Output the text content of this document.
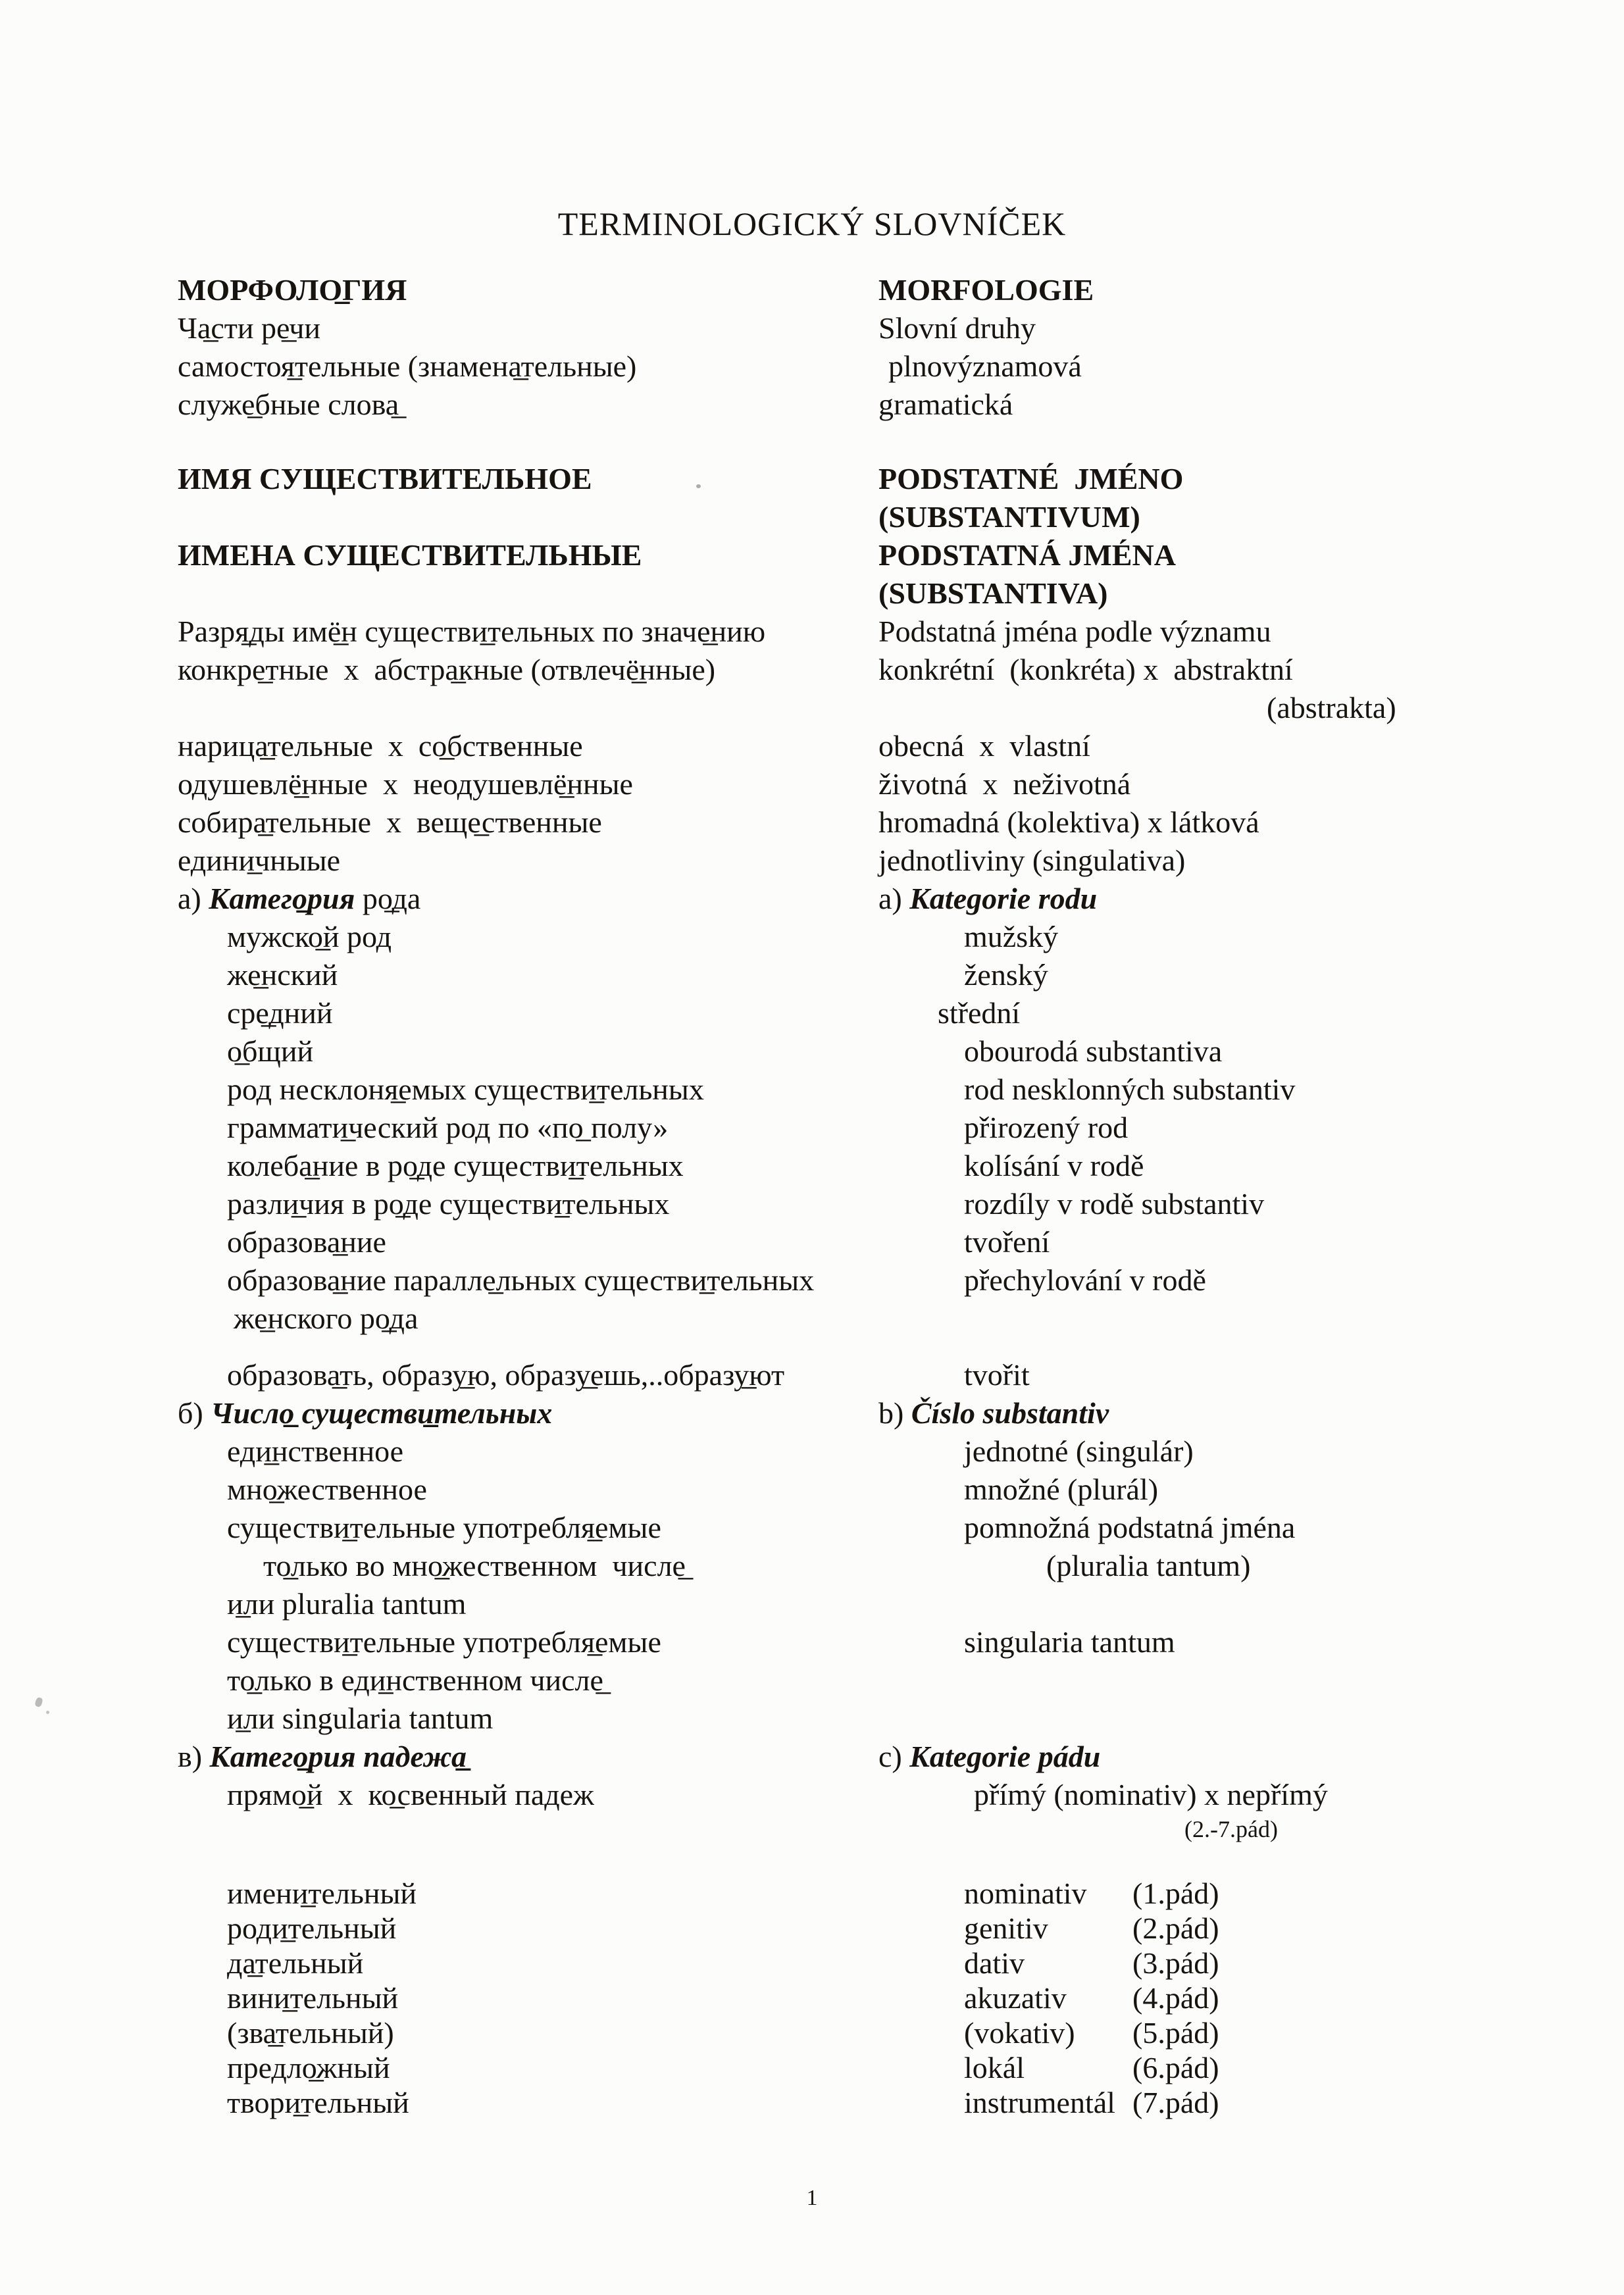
TERMINOLOGICKÝ SLOVNÍČEK
МОРФОЛО̲ГИЯ	MORFOLOGIE
Ча̲сти ре̲чи	Slovní druhy
самостоя̲тельные (знамена̲тельные)	plnovýznamová
служе̲бные слова̲	gramatická
ИМЯ СУЩЕСТВИТЕЛЬНОЕ	PODSTATNÉ  JMÉNO
(SUBSTANTIVUM)
ИМЕНА СУЩЕСТВИТЕЛЬНЫЕ	PODSTATNÁ JMÉNA
(SUBSTANTIVA)
Разря̲ды имё̲н существи̲тельных по значе̲нию	Podstatná jména podle významu
конкре̲тные  х  абстра̲кные (отвлечё̲нные)	konkrétní  (konkréta) x  abstraktní
(abstrakta)
нарица̲тельные  х  со̲бственные	obecná  x  vlastní
одушевлё̲нные  х  неодушевлё̲нные	životná  x  neživotná
собира̲тельные  х  веще̲ственные	hromadná (kolektiva) x látková
едини̲чныые	jednotliviny (singulativa)
а) Катего̲рия ро̲да	a) Kategorie rodu
мужско̲й род	mužský
же̲нский	ženský
сре̲дний	střední
о̲бщий	obourodá substantiva
род несклоня̲емых существи̲тельных	rod nesklonných substantiv
граммати̲ческий род по «по̲ полу»	přirozený rod
колеба̲ние в ро̲де существи̲тельных	kolísání v rodě
разли̲чия в ро̲де существи̲тельных	rozdíly v rodě substantiv
образова̲ние	tvoření
образова̲ние паралле̲льных существи̲тельных	přechylování v rodě
же̲нского ро̲да
образова̲ть, образу̲ю, образу̲ешь,..образу̲ют	tvořit
б) Число̲ существи̲тельных	b) Číslo substantiv
еди̲нственное	jednotné (singulár)
мно̲жественное	množné (plurál)
существи̲тельные употребля̲емые	pomnožná podstatná jména
то̲лько во мно̲жественном  числе̲	(pluralia tantum)
и̲ли pluralia tantum
существи̲тельные употребля̲емые	singularia tantum
то̲лько в еди̲нственном числе̲
и̲ли singularia tantum
в) Катего̲рия падежа̲	c) Kategorie pádu
прямо̲й  х  ко̲свенный падеж	přímý (nominativ) x nepřímý
(2.-7.pád)
имени̲тельный	nominativ (1.pád)
роди̲тельный	genitiv	(2.pád)
да̲тельный	dativ	(3.pád)
вини̲тельный	akuzativ (4.pád)
(зва̲тельный)	(vokativ) (5.pád)
предло̲жный	lokál	(6.pád)
твори̲тельный	instrumentál (7.pád)
1
